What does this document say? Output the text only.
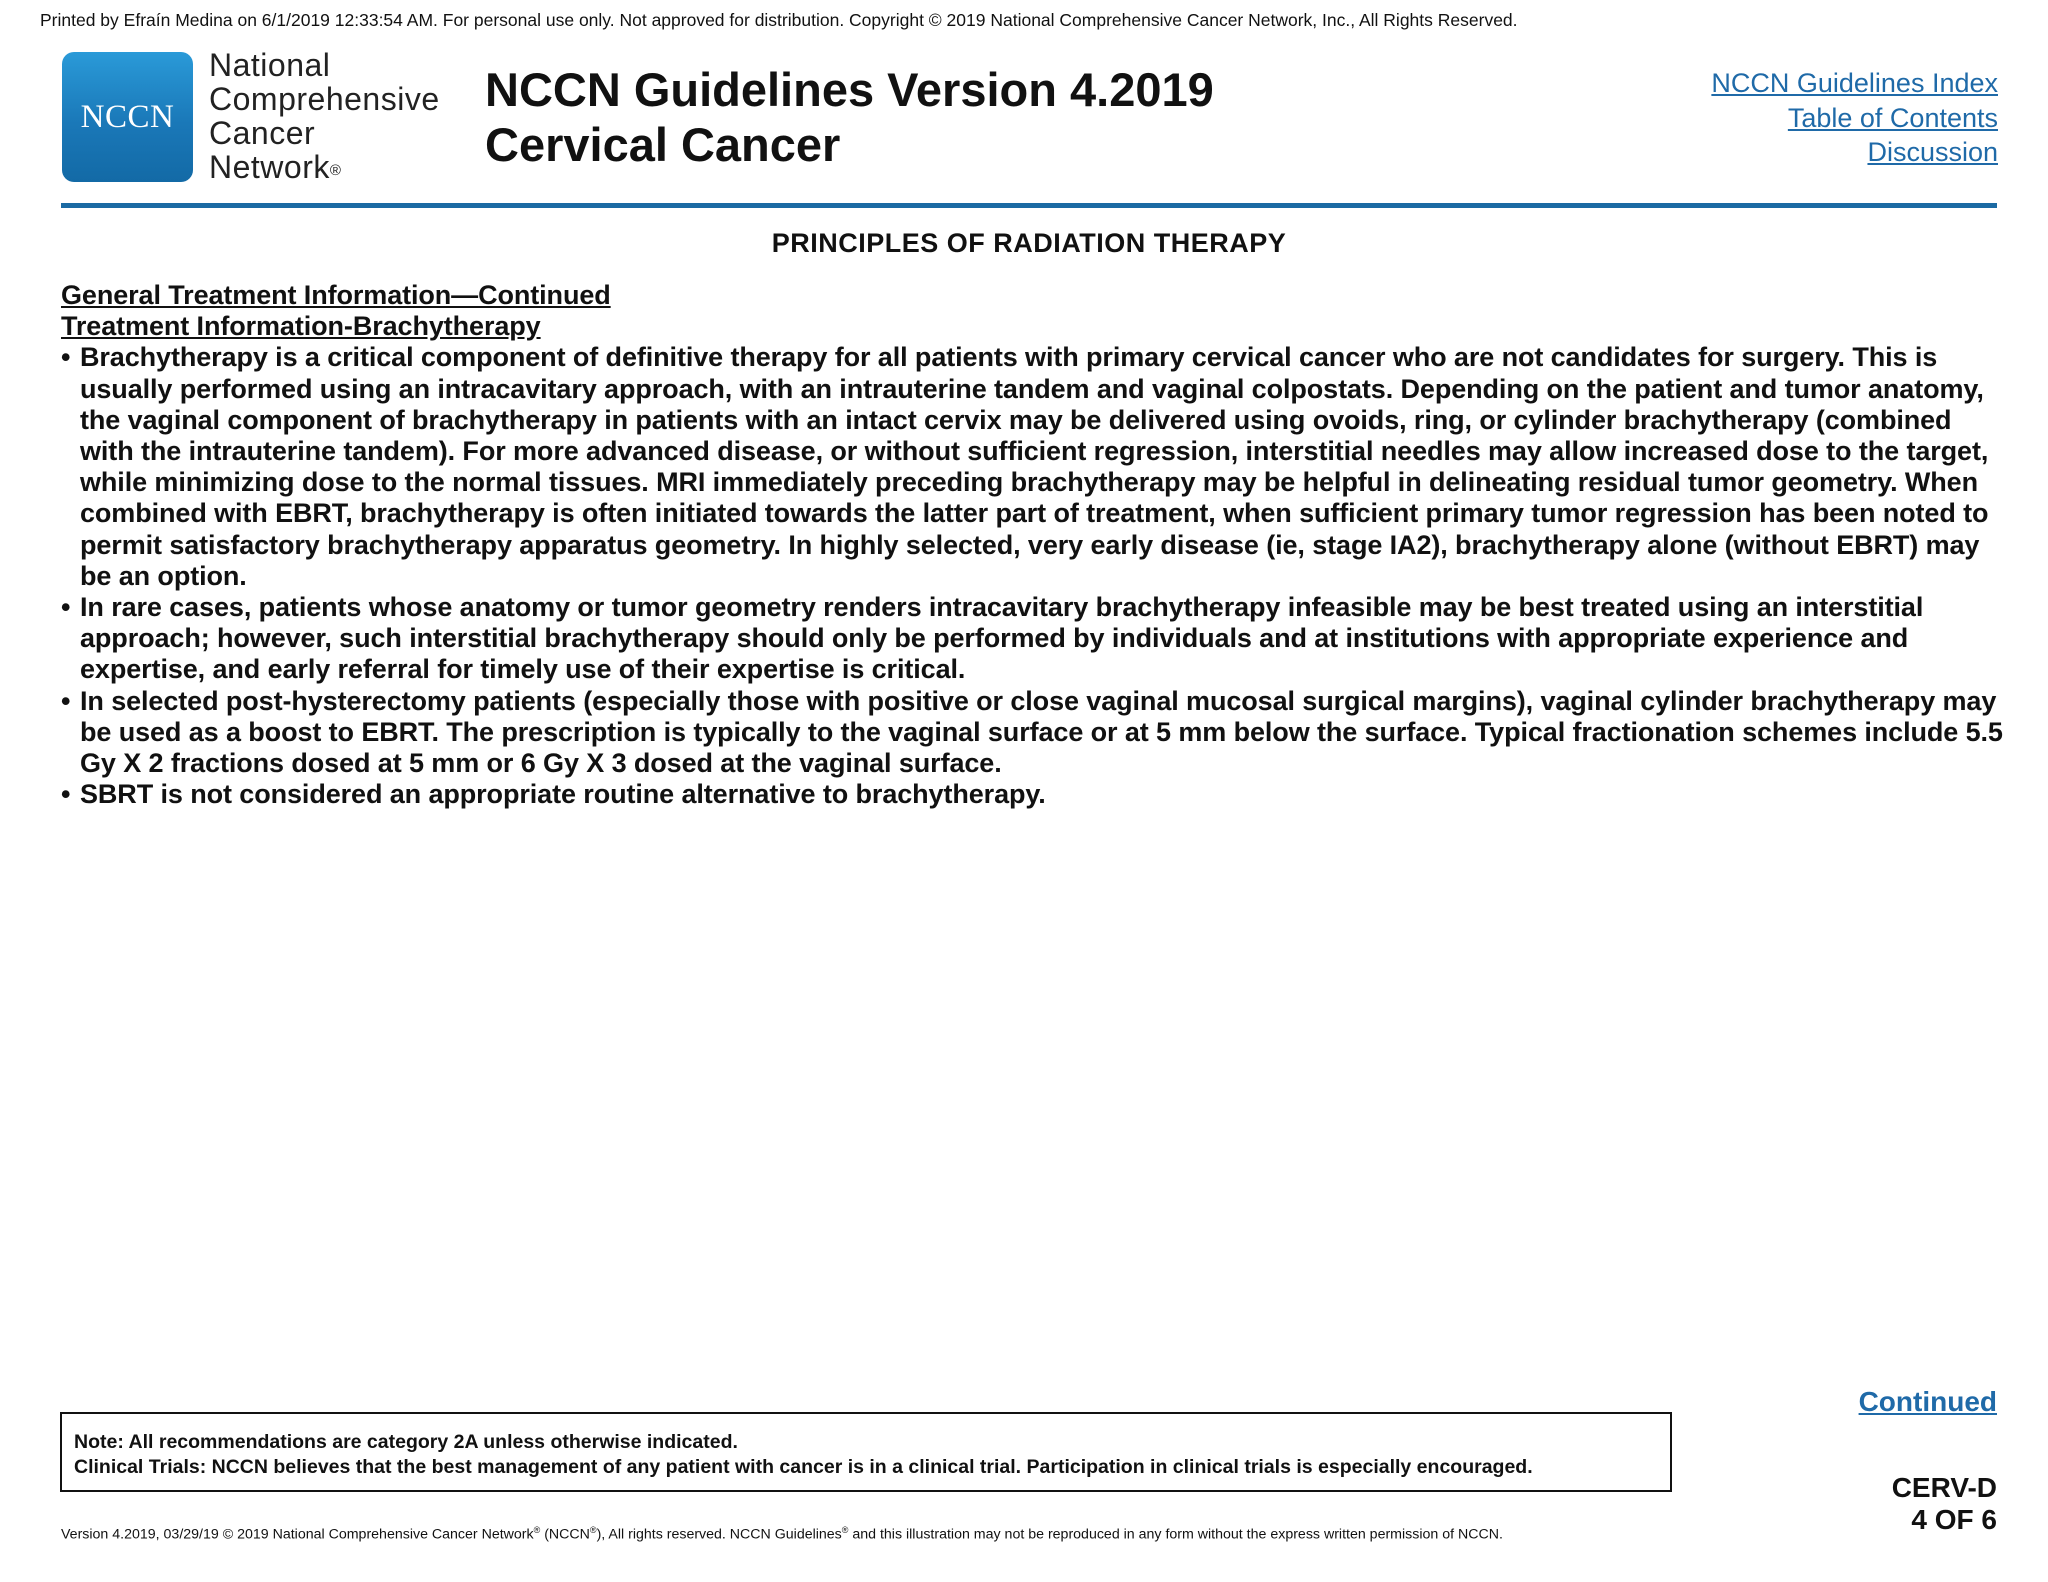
Printed by Efraín Medina on 6/1/2019 12:33:54 AM. For personal use only. Not approved for distribution. Copyright © 2019 National Comprehensive Cancer Network, Inc., All Rights Reserved.
NCCN
National
Comprehensive
Cancer
Network®
NCCN Guidelines Version 4.2019
Cervical Cancer
NCCN Guidelines Index
Table of Contents
Discussion
PRINCIPLES OF RADIATION THERAPY
General Treatment Information—Continued
Treatment Information-Brachytherapy
• Brachytherapy is a critical component of definitive therapy for all patients with primary cervical cancer who are not candidates for surgery. This is usually performed using an intracavitary approach, with an intrauterine tandem and vaginal colpostats. Depending on the patient and tumor anatomy, the vaginal component of brachytherapy in patients with an intact cervix may be delivered using ovoids, ring, or cylinder brachytherapy (combined with the intrauterine tandem). For more advanced disease, or without sufficient regression, interstitial needles may allow increased dose to the target, while minimizing dose to the normal tissues. MRI immediately preceding brachytherapy may be helpful in delineating residual tumor geometry. When combined with EBRT, brachytherapy is often initiated towards the latter part of treatment, when sufficient primary tumor regression has been noted to permit satisfactory brachytherapy apparatus geometry. In highly selected, very early disease (ie, stage IA2), brachytherapy alone (without EBRT) may be an option.
• In rare cases, patients whose anatomy or tumor geometry renders intracavitary brachytherapy infeasible may be best treated using an interstitial approach; however, such interstitial brachytherapy should only be performed by individuals and at institutions with appropriate experience and expertise, and early referral for timely use of their expertise is critical.
• In selected post-hysterectomy patients (especially those with positive or close vaginal mucosal surgical margins), vaginal cylinder brachytherapy may be used as a boost to EBRT. The prescription is typically to the vaginal surface or at 5 mm below the surface. Typical fractionation schemes include 5.5 Gy X 2 fractions dosed at 5 mm or 6 Gy X 3 dosed at the vaginal surface.
• SBRT is not considered an appropriate routine alternative to brachytherapy.
Continued
Note: All recommendations are category 2A unless otherwise indicated.
Clinical Trials: NCCN believes that the best management of any patient with cancer is in a clinical trial. Participation in clinical trials is especially encouraged.
CERV-D
4 OF 6
Version 4.2019, 03/29/19 © 2019 National Comprehensive Cancer Network® (NCCN®), All rights reserved. NCCN Guidelines® and this illustration may not be reproduced in any form without the express written permission of NCCN.
